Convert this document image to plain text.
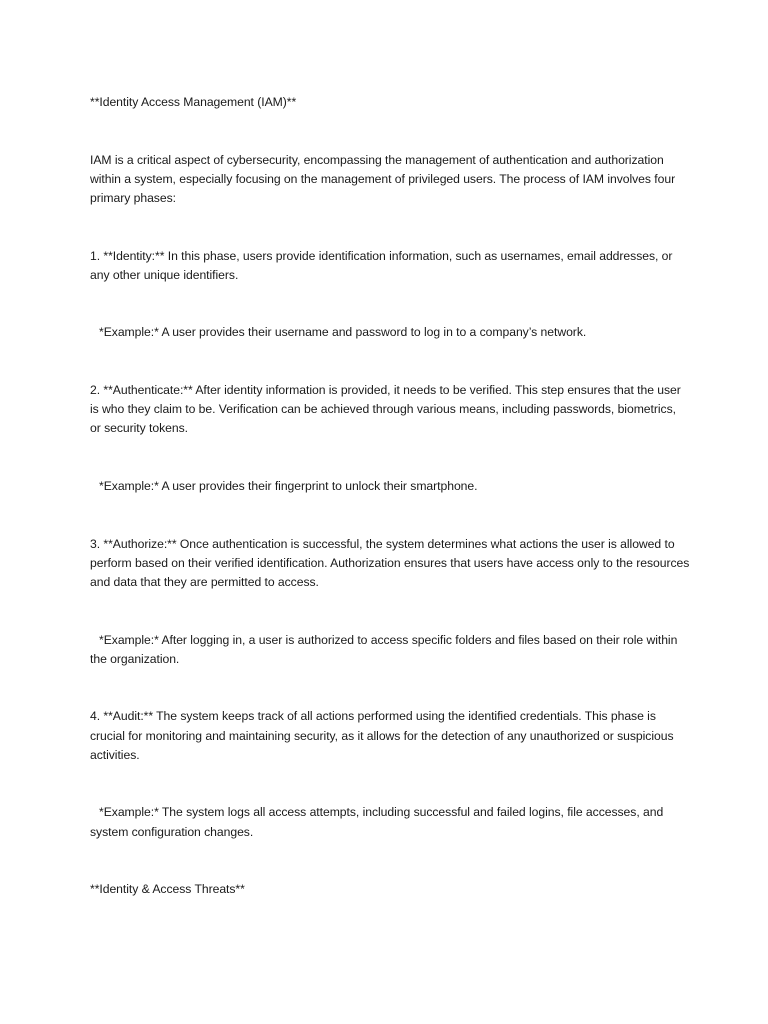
**Identity Access Management (IAM)**

IAM is a critical aspect of cybersecurity, encompassing the management of authentication and authorization within a system, especially focusing on the management of privileged users. The process of IAM involves four primary phases:

1. **Identity:** In this phase, users provide identification information, such as usernames, email addresses, or any other unique identifiers.

*Example:* A user provides their username and password to log in to a company’s network.

2. **Authenticate:** After identity information is provided, it needs to be verified. This step ensures that the user is who they claim to be. Verification can be achieved through various means, including passwords, biometrics, or security tokens.

*Example:* A user provides their fingerprint to unlock their smartphone.

3. **Authorize:** Once authentication is successful, the system determines what actions the user is allowed to perform based on their verified identification. Authorization ensures that users have access only to the resources and data that they are permitted to access.

*Example:* After logging in, a user is authorized to access specific folders and files based on their role within the organization.

4. **Audit:** The system keeps track of all actions performed using the identified credentials. This phase is crucial for monitoring and maintaining security, as it allows for the detection of any unauthorized or suspicious activities.

*Example:* The system logs all access attempts, including successful and failed logins, file accesses, and system configuration changes.

**Identity & Access Threats**
